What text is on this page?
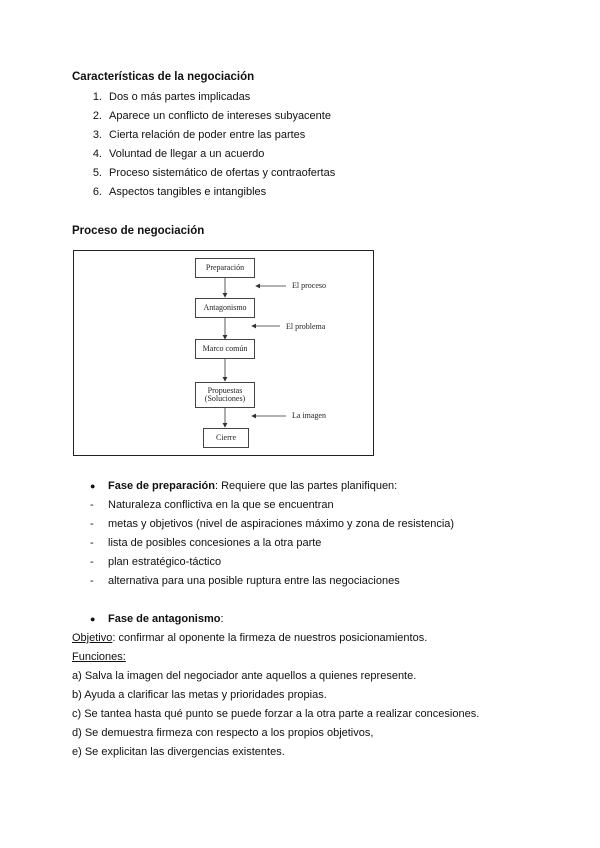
Características de la negociación
1. Dos o más partes implicadas
2. Aparece un conflicto de intereses subyacente
3. Cierta relación de poder entre las partes
4. Voluntad de llegar a un acuerdo
5. Proceso sistemático de ofertas y contraofertas
6. Aspectos tangibles e intangibles
Proceso de negociación
Preparación
Antagonismo
Marco común
Propuestas
(Soluciones)
Cierre
El proceso
El problema
La imagen
● Fase de preparación: Requiere que las partes planifiquen:
- Naturaleza conflictiva en la que se encuentran
- metas y objetivos (nivel de aspiraciones máximo y zona de resistencia)
- lista de posibles concesiones a la otra parte
- plan estratégico-táctico
- alternativa para una posible ruptura entre las negociaciones
● Fase de antagonismo:
Objetivo: confirmar al oponente la firmeza de nuestros posicionamientos.
Funciones:
a) Salva la imagen del negociador ante aquellos a quienes represente.
b) Ayuda a clarificar las metas y prioridades propias.
c) Se tantea hasta qué punto se puede forzar a la otra parte a realizar concesiones.
d) Se demuestra firmeza con respecto a los propios objetivos,
e) Se explicitan las divergencias existentes.
